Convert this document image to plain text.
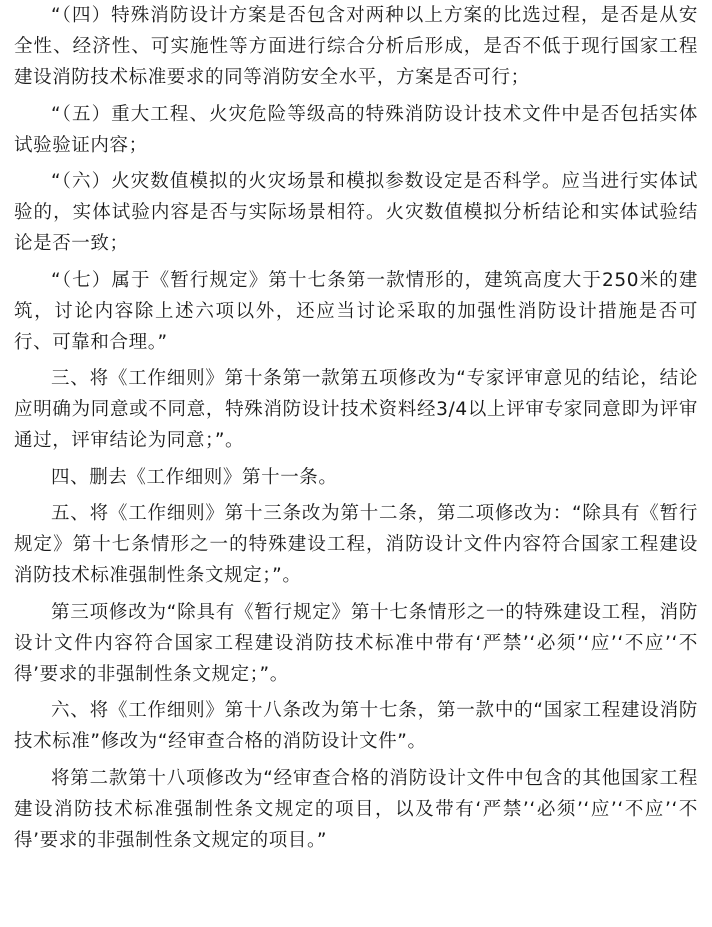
“（四）特殊消防设计方案是否包含对两种以上方案的比选过程，是否是从安全性、经济性、可实施性等方面进行综合分析后形成，是否不低于现行国家工程建设消防技术标准要求的同等消防安全水平，方案是否可行；

“（五）重大工程、火灾危险等级高的特殊消防设计技术文件中是否包括实体试验验证内容；

“（六）火灾数值模拟的火灾场景和模拟参数设定是否科学。应当进行实体试验的，实体试验内容是否与实际场景相符。火灾数值模拟分析结论和实体试验结论是否一致；

“（七）属于《暂行规定》第十七条第一款情形的，建筑高度大于250米的建筑，讨论内容除上述六项以外，还应当讨论采取的加强性消防设计措施是否可行、可靠和合理。”

三、将《工作细则》第十条第一款第五项修改为“专家评审意见的结论，结论应明确为同意或不同意，特殊消防设计技术资料经3/4以上评审专家同意即为评审通过，评审结论为同意；”。

四、删去《工作细则》第十一条。

五、将《工作细则》第十三条改为第十二条，第二项修改为：“除具有《暂行规定》第十七条情形之一的特殊建设工程，消防设计文件内容符合国家工程建设消防技术标准强制性条文规定；”。

第三项修改为“除具有《暂行规定》第十七条情形之一的特殊建设工程，消防设计文件内容符合国家工程建设消防技术标准中带有‘严禁’‘必须’‘应’‘不应’‘不得’要求的非强制性条文规定；”。

六、将《工作细则》第十八条改为第十七条，第一款中的“国家工程建设消防技术标准”修改为“经审查合格的消防设计文件”。

将第二款第十八项修改为“经审查合格的消防设计文件中包含的其他国家工程建设消防技术标准强制性条文规定的项目，以及带有‘严禁’‘必须’‘应’‘不应’‘不得’要求的非强制性条文规定的项目。”
